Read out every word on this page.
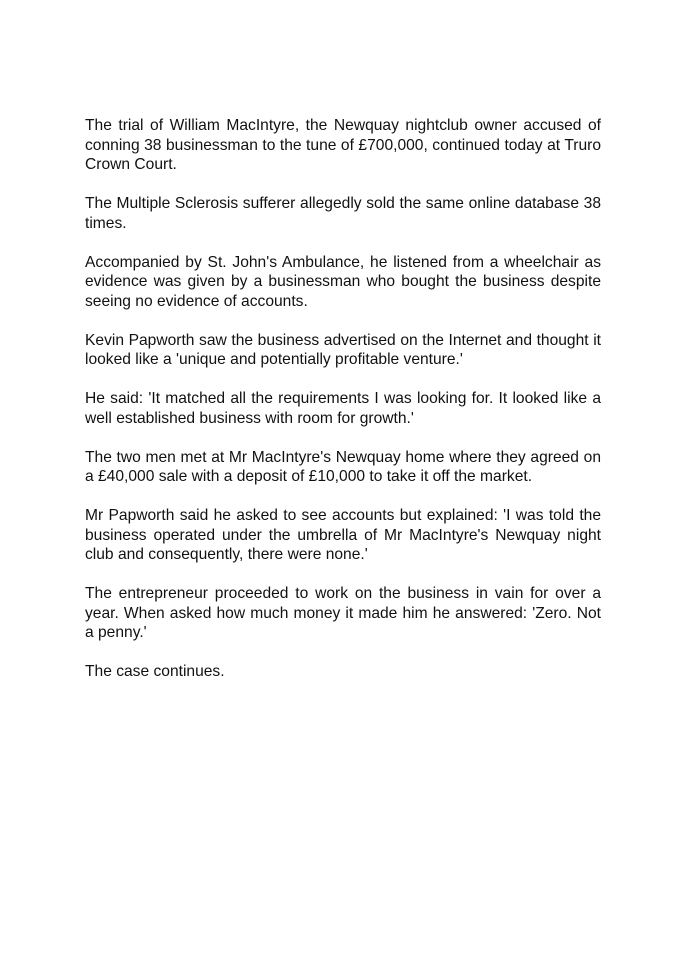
The trial of William MacIntyre, the Newquay nightclub owner accused of conning 38 businessman to the tune of £700,000, continued today at Truro Crown Court.

The Multiple Sclerosis sufferer allegedly sold the same online database 38 times.

Accompanied by St. John's Ambulance, he listened from a wheelchair as evidence was given by a businessman who bought the business despite seeing no evidence of accounts.

Kevin Papworth saw the business advertised on the Internet and thought it looked like a 'unique and potentially profitable venture.'

He said: 'It matched all the requirements I was looking for. It looked like a well established business with room for growth.'

The two men met at Mr MacIntyre's Newquay home where they agreed on a £40,000 sale with a deposit of £10,000 to take it off the market.

Mr Papworth said he asked to see accounts but explained: 'I was told the business operated under the umbrella of Mr MacIntyre's Newquay night club and consequently, there were none.'

The entrepreneur proceeded to work on the business in vain for over a year. When asked how much money it made him he answered: 'Zero. Not a penny.'

The case continues.
